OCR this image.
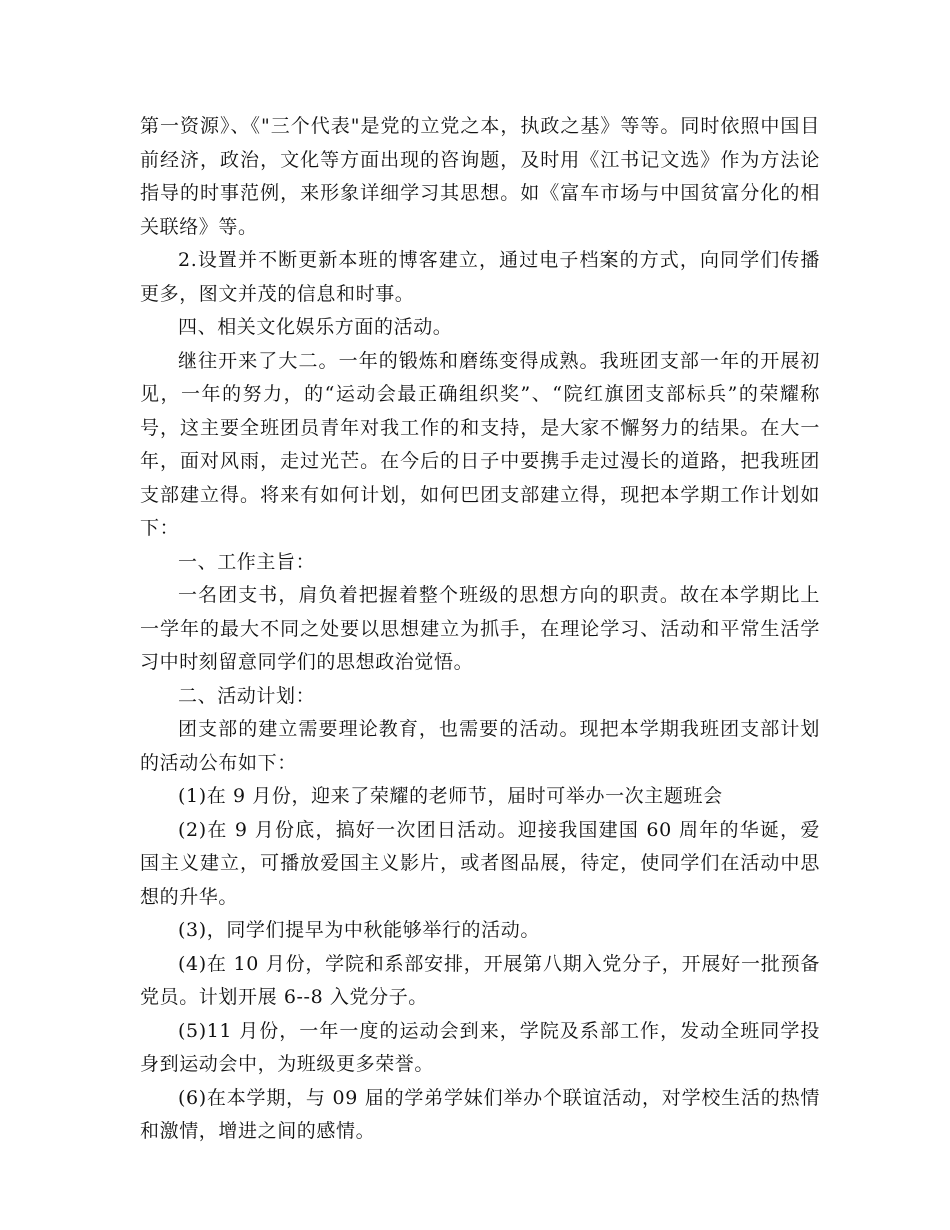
第一资源》、《"三个代表"是党的立党之本，执政之基》等等。同时依照中国目前经济，政治，文化等方面出现的咨询题，及时用《江书记文选》作为方法论指导的时事范例，来形象详细学习其思想。如《富车市场与中国贫富分化的相关联络》等。

2.设置并不断更新本班的博客建立，通过电子档案的方式，向同学们传播更多，图文并茂的信息和时事。

四、相关文化娱乐方面的活动。

继往开来了大二。一年的锻炼和磨练变得成熟。我班团支部一年的开展初见，一年的努力，的“运动会最正确组织奖”、“院红旗团支部标兵”的荣耀称号，这主要全班团员青年对我工作的和支持，是大家不懈努力的结果。在大一年，面对风雨，走过光芒。在今后的日子中要携手走过漫长的道路，把我班团支部建立得。将来有如何计划，如何巴团支部建立得，现把本学期工作计划如下：

一、工作主旨：

一名团支书，肩负着把握着整个班级的思想方向的职责。故在本学期比上一学年的最大不同之处要以思想建立为抓手，在理论学习、活动和平常生活学习中时刻留意同学们的思想政治觉悟。

二、活动计划：

团支部的建立需要理论教育，也需要的活动。现把本学期我班团支部计划的活动公布如下：

(1)在 9 月份，迎来了荣耀的老师节，届时可举办一次主题班会

(2)在 9 月份底，搞好一次团日活动。迎接我国建国 60 周年的华诞，爱国主义建立，可播放爱国主义影片，或者图品展，待定，使同学们在活动中思想的升华。

(3)，同学们提早为中秋能够举行的活动。

(4)在 10 月份，学院和系部安排，开展第八期入党分子，开展好一批预备党员。计划开展 6--8 入党分子。

(5)11 月份，一年一度的运动会到来，学院及系部工作，发动全班同学投身到运动会中，为班级更多荣誉。

(6)在本学期，与 09 届的学弟学妹们举办个联谊活动，对学校生活的热情和激情，增进之间的感情。
